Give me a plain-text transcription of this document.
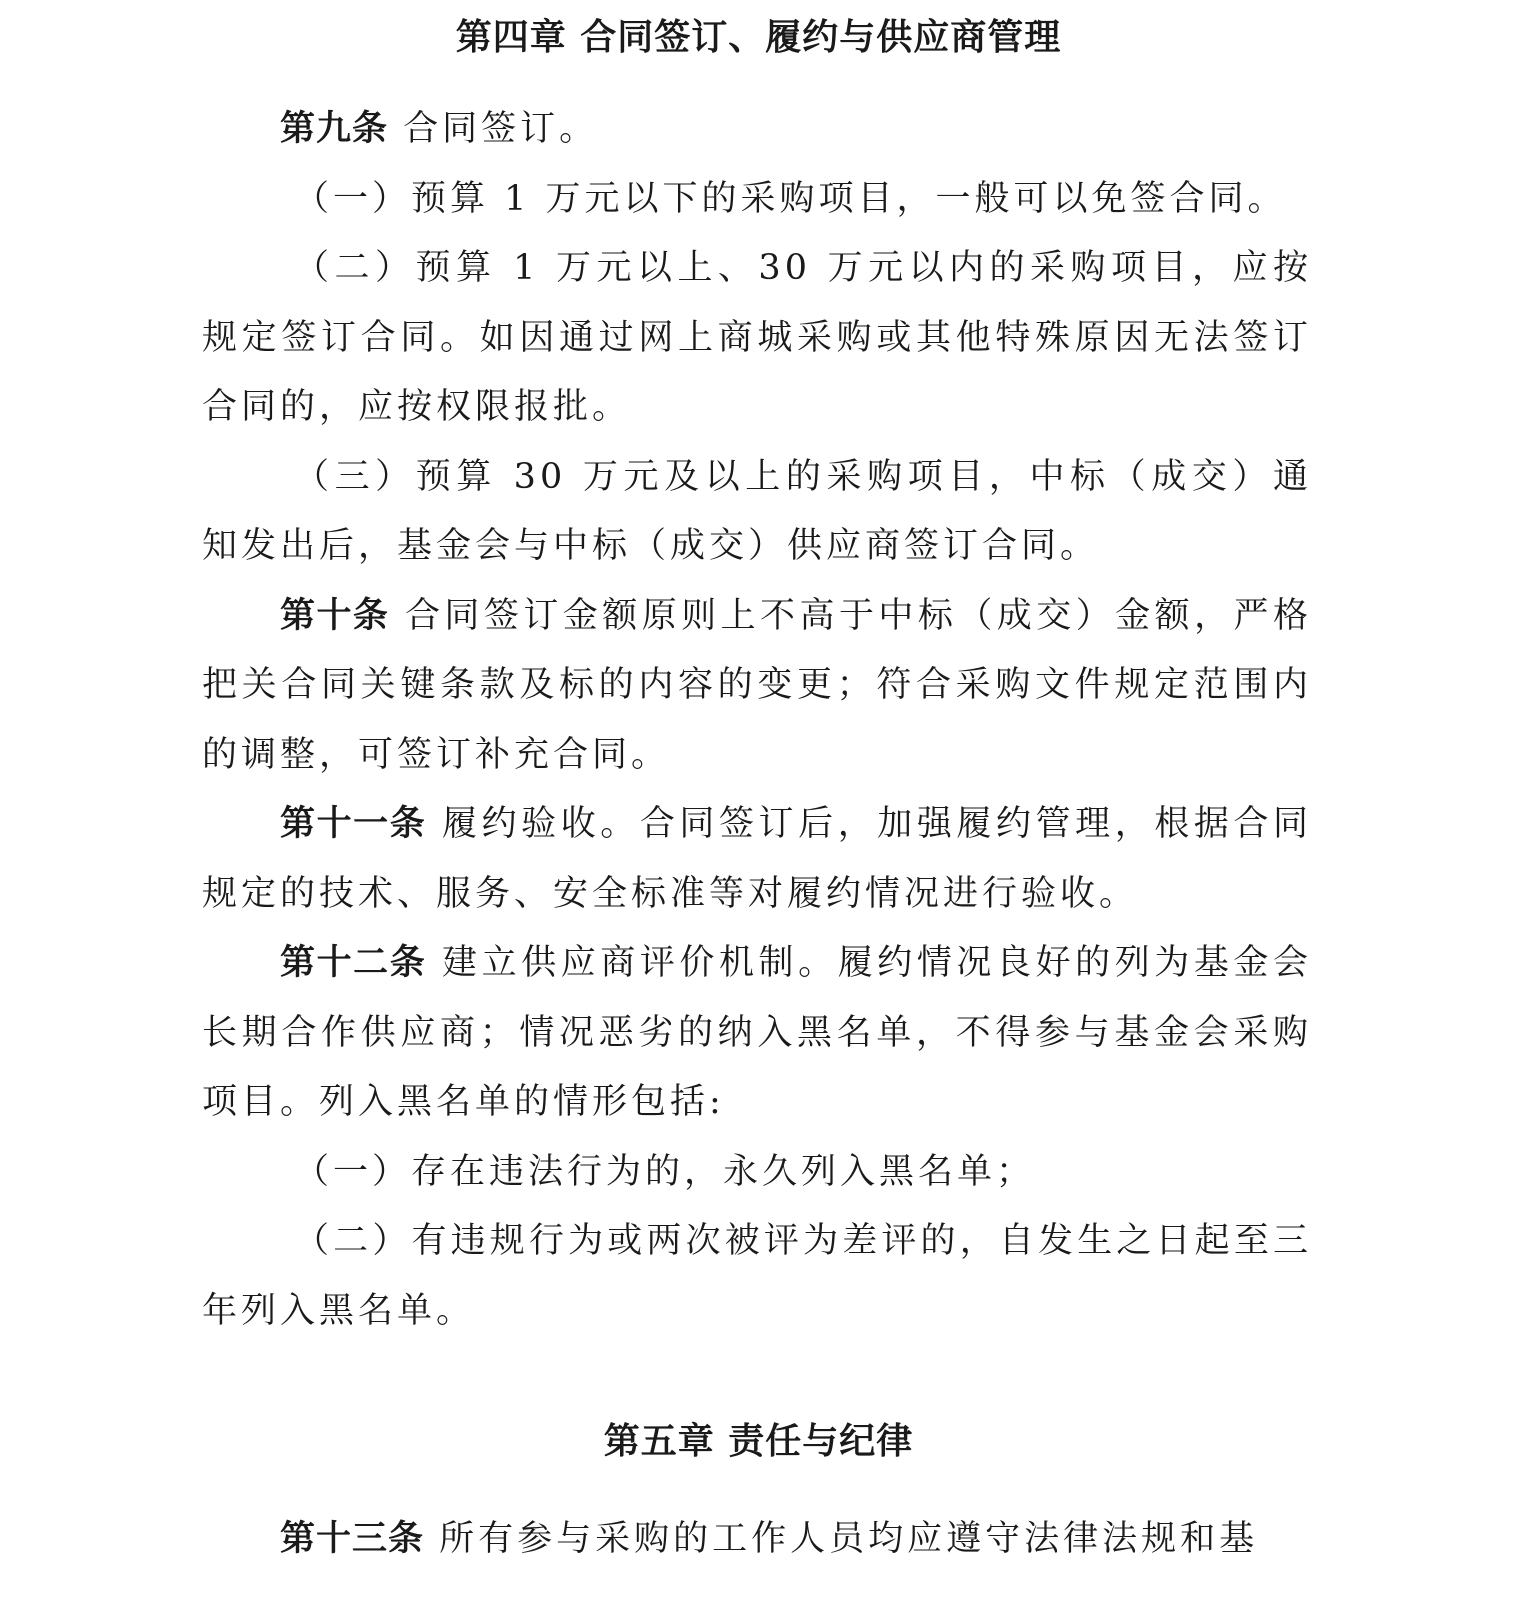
第四章 合同签订、履约与供应商管理

第九条 合同签订。

（一）预算 1 万元以下的采购项目，一般可以免签合同。

（二）预算 1 万元以上、30 万元以内的采购项目，应按规定签订合同。如因通过网上商城采购或其他特殊原因无法签订合同的，应按权限报批。

（三）预算 30 万元及以上的采购项目，中标（成交）通知发出后，基金会与中标（成交）供应商签订合同。

第十条 合同签订金额原则上不高于中标（成交）金额，严格把关合同关键条款及标的内容的变更；符合采购文件规定范围内的调整，可签订补充合同。

第十一条 履约验收。合同签订后，加强履约管理，根据合同规定的技术、服务、安全标准等对履约情况进行验收。

第十二条 建立供应商评价机制。履约情况良好的列为基金会长期合作供应商；情况恶劣的纳入黑名单，不得参与基金会采购项目。列入黑名单的情形包括:

（一）存在违法行为的，永久列入黑名单；

（二）有违规行为或两次被评为差评的，自发生之日起至三年列入黑名单。

第五章 责任与纪律

第十三条 所有参与采购的工作人员均应遵守法律法规和基
